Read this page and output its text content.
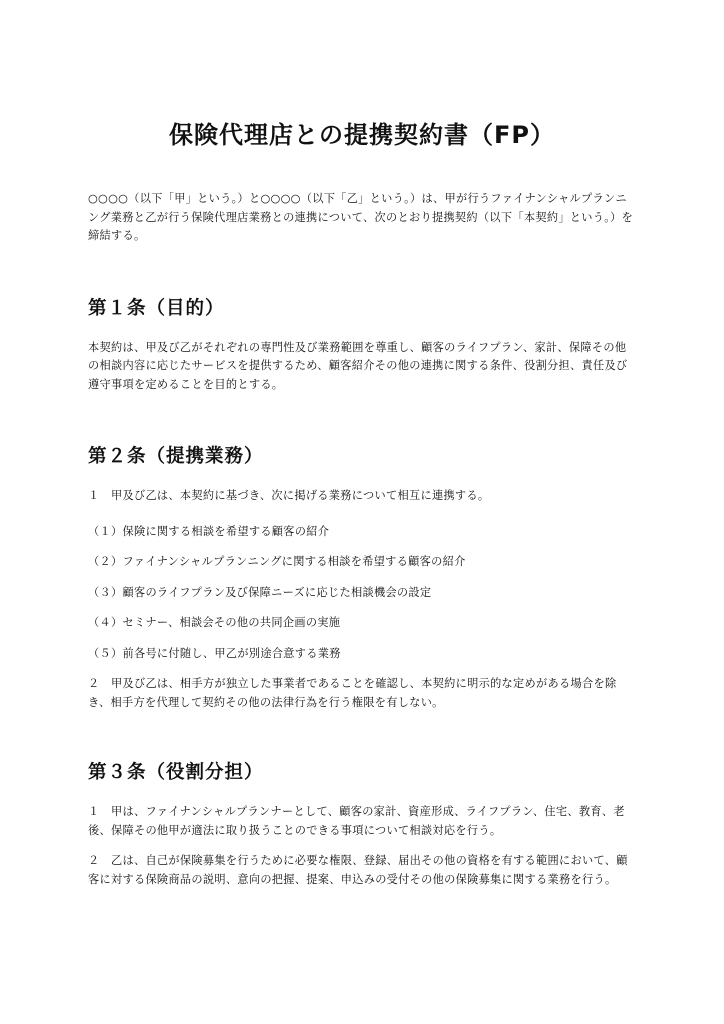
保険代理店との提携契約書（FP）

○○○○（以下「甲」という。）と○○○○（以下「乙」という。）は、甲が行うファイナンシャルプランニング業務と乙が行う保険代理店業務との連携について、次のとおり提携契約（以下「本契約」という。）を締結する。

第１条（目的）

本契約は、甲及び乙がそれぞれの専門性及び業務範囲を尊重し、顧客のライフプラン、家計、保障その他の相談内容に応じたサービスを提供するため、顧客紹介その他の連携に関する条件、役割分担、責任及び遵守事項を定めることを目的とする。

第２条（提携業務）

１　甲及び乙は、本契約に基づき、次に掲げる業務について相互に連携する。

（１）保険に関する相談を希望する顧客の紹介

（２）ファイナンシャルプランニングに関する相談を希望する顧客の紹介

（３）顧客のライフプラン及び保障ニーズに応じた相談機会の設定

（４）セミナー、相談会その他の共同企画の実施

（５）前各号に付随し、甲乙が別途合意する業務

２　甲及び乙は、相手方が独立した事業者であることを確認し、本契約に明示的な定めがある場合を除き、相手方を代理して契約その他の法律行為を行う権限を有しない。

第３条（役割分担）

１　甲は、ファイナンシャルプランナーとして、顧客の家計、資産形成、ライフプラン、住宅、教育、老後、保障その他甲が適法に取り扱うことのできる事項について相談対応を行う。

２　乙は、自己が保険募集を行うために必要な権限、登録、届出その他の資格を有する範囲において、顧客に対する保険商品の説明、意向の把握、提案、申込みの受付その他の保険募集に関する業務を行う。
